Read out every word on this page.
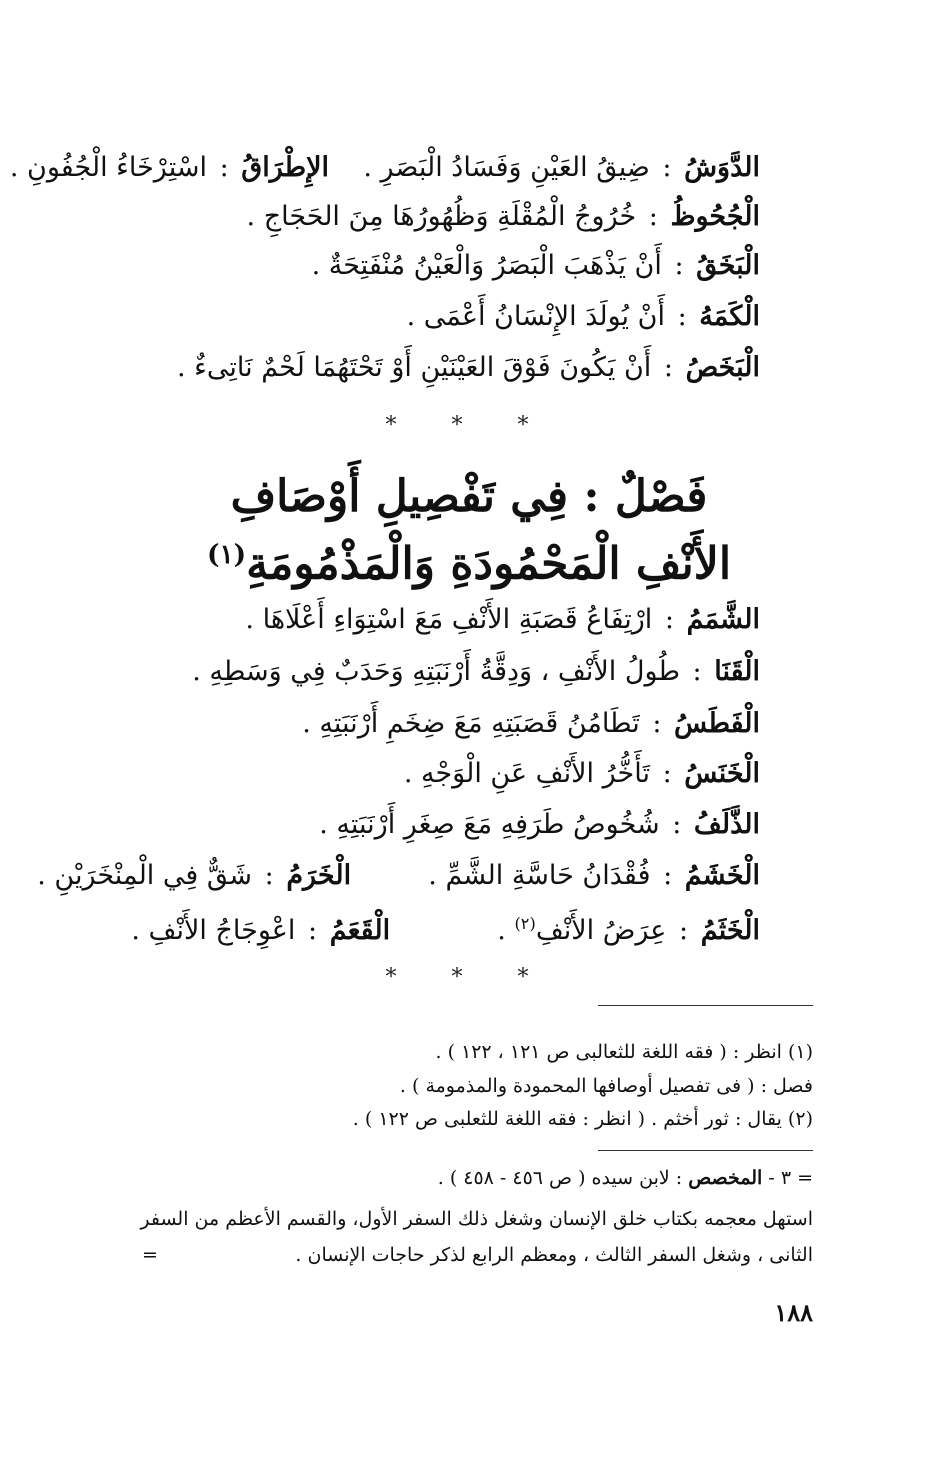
الدَّوَشُ : ضِيقُ العَيْنِ وَفَسَادُ الْبَصَرِ .    الإِطْرَاقُ : اسْتِرْخَاءُ الْجُفُونِ .
الْجُحُوظُ : خُرُوجُ الْمُقْلَةِ وَظُهُورُهَا مِنَ الحَجَاجِ .
الْبَخَقُ : أَنْ يَذْهَبَ الْبَصَرُ وَالْعَيْنُ مُنْفَتِحَةٌ .
الْكَمَهُ : أَنْ يُولَدَ الإِنْسَانُ أَعْمَى .
الْبَخَصُ : أَنْ يَكُونَ فَوْقَ العَيْنَيْنِ أَوْ تَحْتَهُمَا لَحْمٌ نَاتِىءٌ .
* * *
فَصْلٌ : فِي تَفْصِيلِ أَوْصَافِ
الأَنْفِ الْمَحْمُودَةِ وَالْمَذْمُومَةِ$^{(١)}$
الشَّمَمُ : ارْتِفَاعُ قَصَبَةِ الأَنْفِ مَعَ اسْتِوَاءِ أَعْلَاهَا .
الْقَنَا : طُولُ الأَنْفِ ، وَدِقَّةُ أَرْنَبَتِهِ وَحَدَبٌ فِي وَسَطِهِ .
الْفَطَسُ : تَطَامُنُ قَصَبَتِهِ مَعَ ضِخَمِ أَرْنَبَتِهِ .
الْخَنَسُ : تَأَخُّرُ الأَنْفِ عَنِ الْوَجْهِ .
الذَّلَفُ : شُخُوصُ طَرَفِهِ مَعَ صِغَرِ أَرْنَبَتِهِ .
الْخَشَمُ : فُقْدَانُ حَاسَّةِ الشَّمِّ .  الْخَرَمُ : شَقٌّ فِي الْمِنْخَرَيْنِ .
الْخَثَمُ : عِرَضُ الأَنْفِ$^{(٢)}$ .  الْقَعَمُ : اعْوِجَاجُ الأَنْفِ .
* * *
(١) انظر : ( فقه اللغة للثعالبى ص ١٢١ ، ١٢٢ ) .
فصل : ( فى تفصيل أوصافها المحمودة والمذمومة ) .
(٢) يقال : ثور أخثم . ( انظر : فقه اللغة للثعلبى ص ١٢٢ ) .
= ٣ - المخصص : لابن سيده ( ص ٤٥٦ - ٤٥٨ ) .
استهل معجمه بكتاب خلق الإنسان وشغل ذلك السفر الأول، والقسم الأعظم من السفر
الثانى ، وشغل السفر الثالث ، ومعظم الرابع لذكر حاجات الإنسان .
=
١٨٨
